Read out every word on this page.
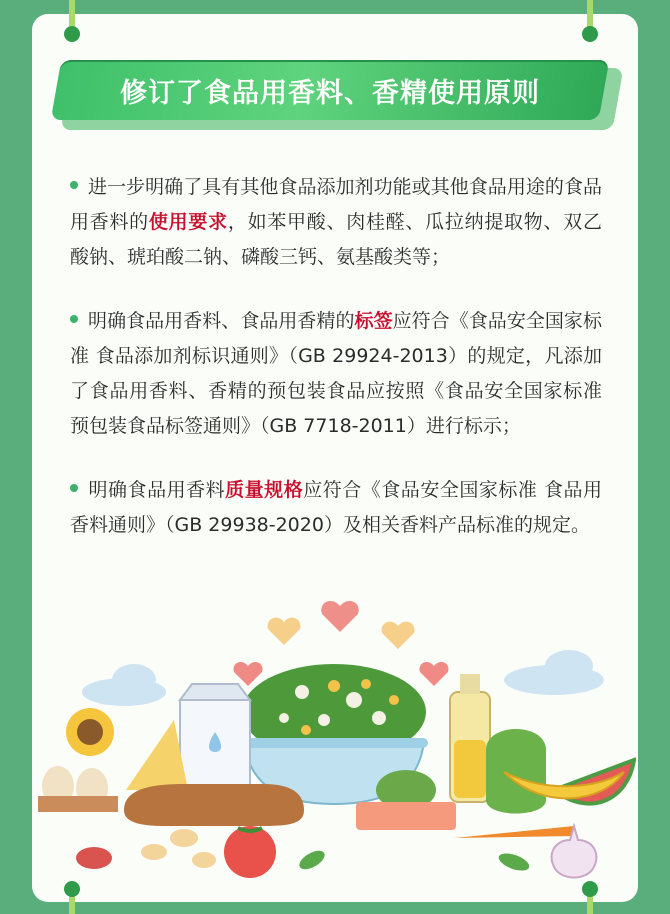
修订了食品用香料、香精使用原则
进一步明确了具有其他食品添加剂功能或其他食品用途的食品用香料的使用要求，如苯甲酸、肉桂醛、瓜拉纳提取物、双乙酸钠、琥珀酸二钠、磷酸三钙、氨基酸类等；
明确食品用香料、食品用香精的标签应符合《食品安全国家标准 食品添加剂标识通则》（GB 29924-2013）的规定，凡添加了食品用香料、香精的预包装食品应按照《食品安全国家标准 预包装食品标签通则》（GB 7718-2011）进行标示；
明确食品用香料质量规格应符合《食品安全国家标准 食品用香料通则》（GB 29938-2020）及相关香料产品标准的规定。
